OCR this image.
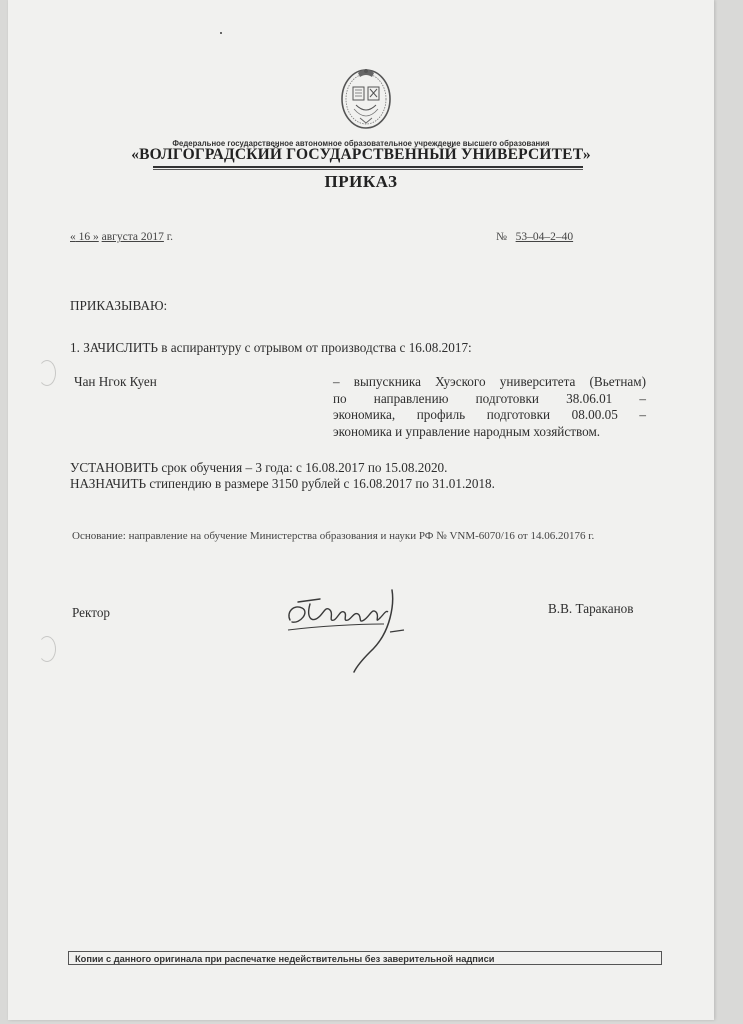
Федеральное государственное автономное образовательное учреждение высшего образования
«ВОЛГОГРАДСКИЙ ГОСУДАРСТВЕННЫЙ УНИВЕРСИТЕТ»
ПРИКАЗ
« 16 » августа 2017 г.	№ 53–04–2–40
ПРИКАЗЫВАЮ:
1. ЗАЧИСЛИТЬ в аспирантуру с отрывом от производства с 16.08.2017:
Чан Нгок Куен	– выпускника Хуэского университета (Вьетнам)
по направлению подготовки 38.06.01 –
экономика, профиль подготовки 08.00.05 –
экономика и управление народным хозяйством.
УСТАНОВИТЬ срок обучения – 3 года: с 16.08.2017 по 15.08.2020.
НАЗНАЧИТЬ стипендию в размере 3150 рублей с 16.08.2017 по 31.01.2018.
Основание: направление на обучение Министерства образования и науки РФ № VNM-6070/16 от 14.06.20176 г.
Ректор	В.В. Тараканов
Копии с данного оригинала при распечатке недействительны без заверительной надписи
